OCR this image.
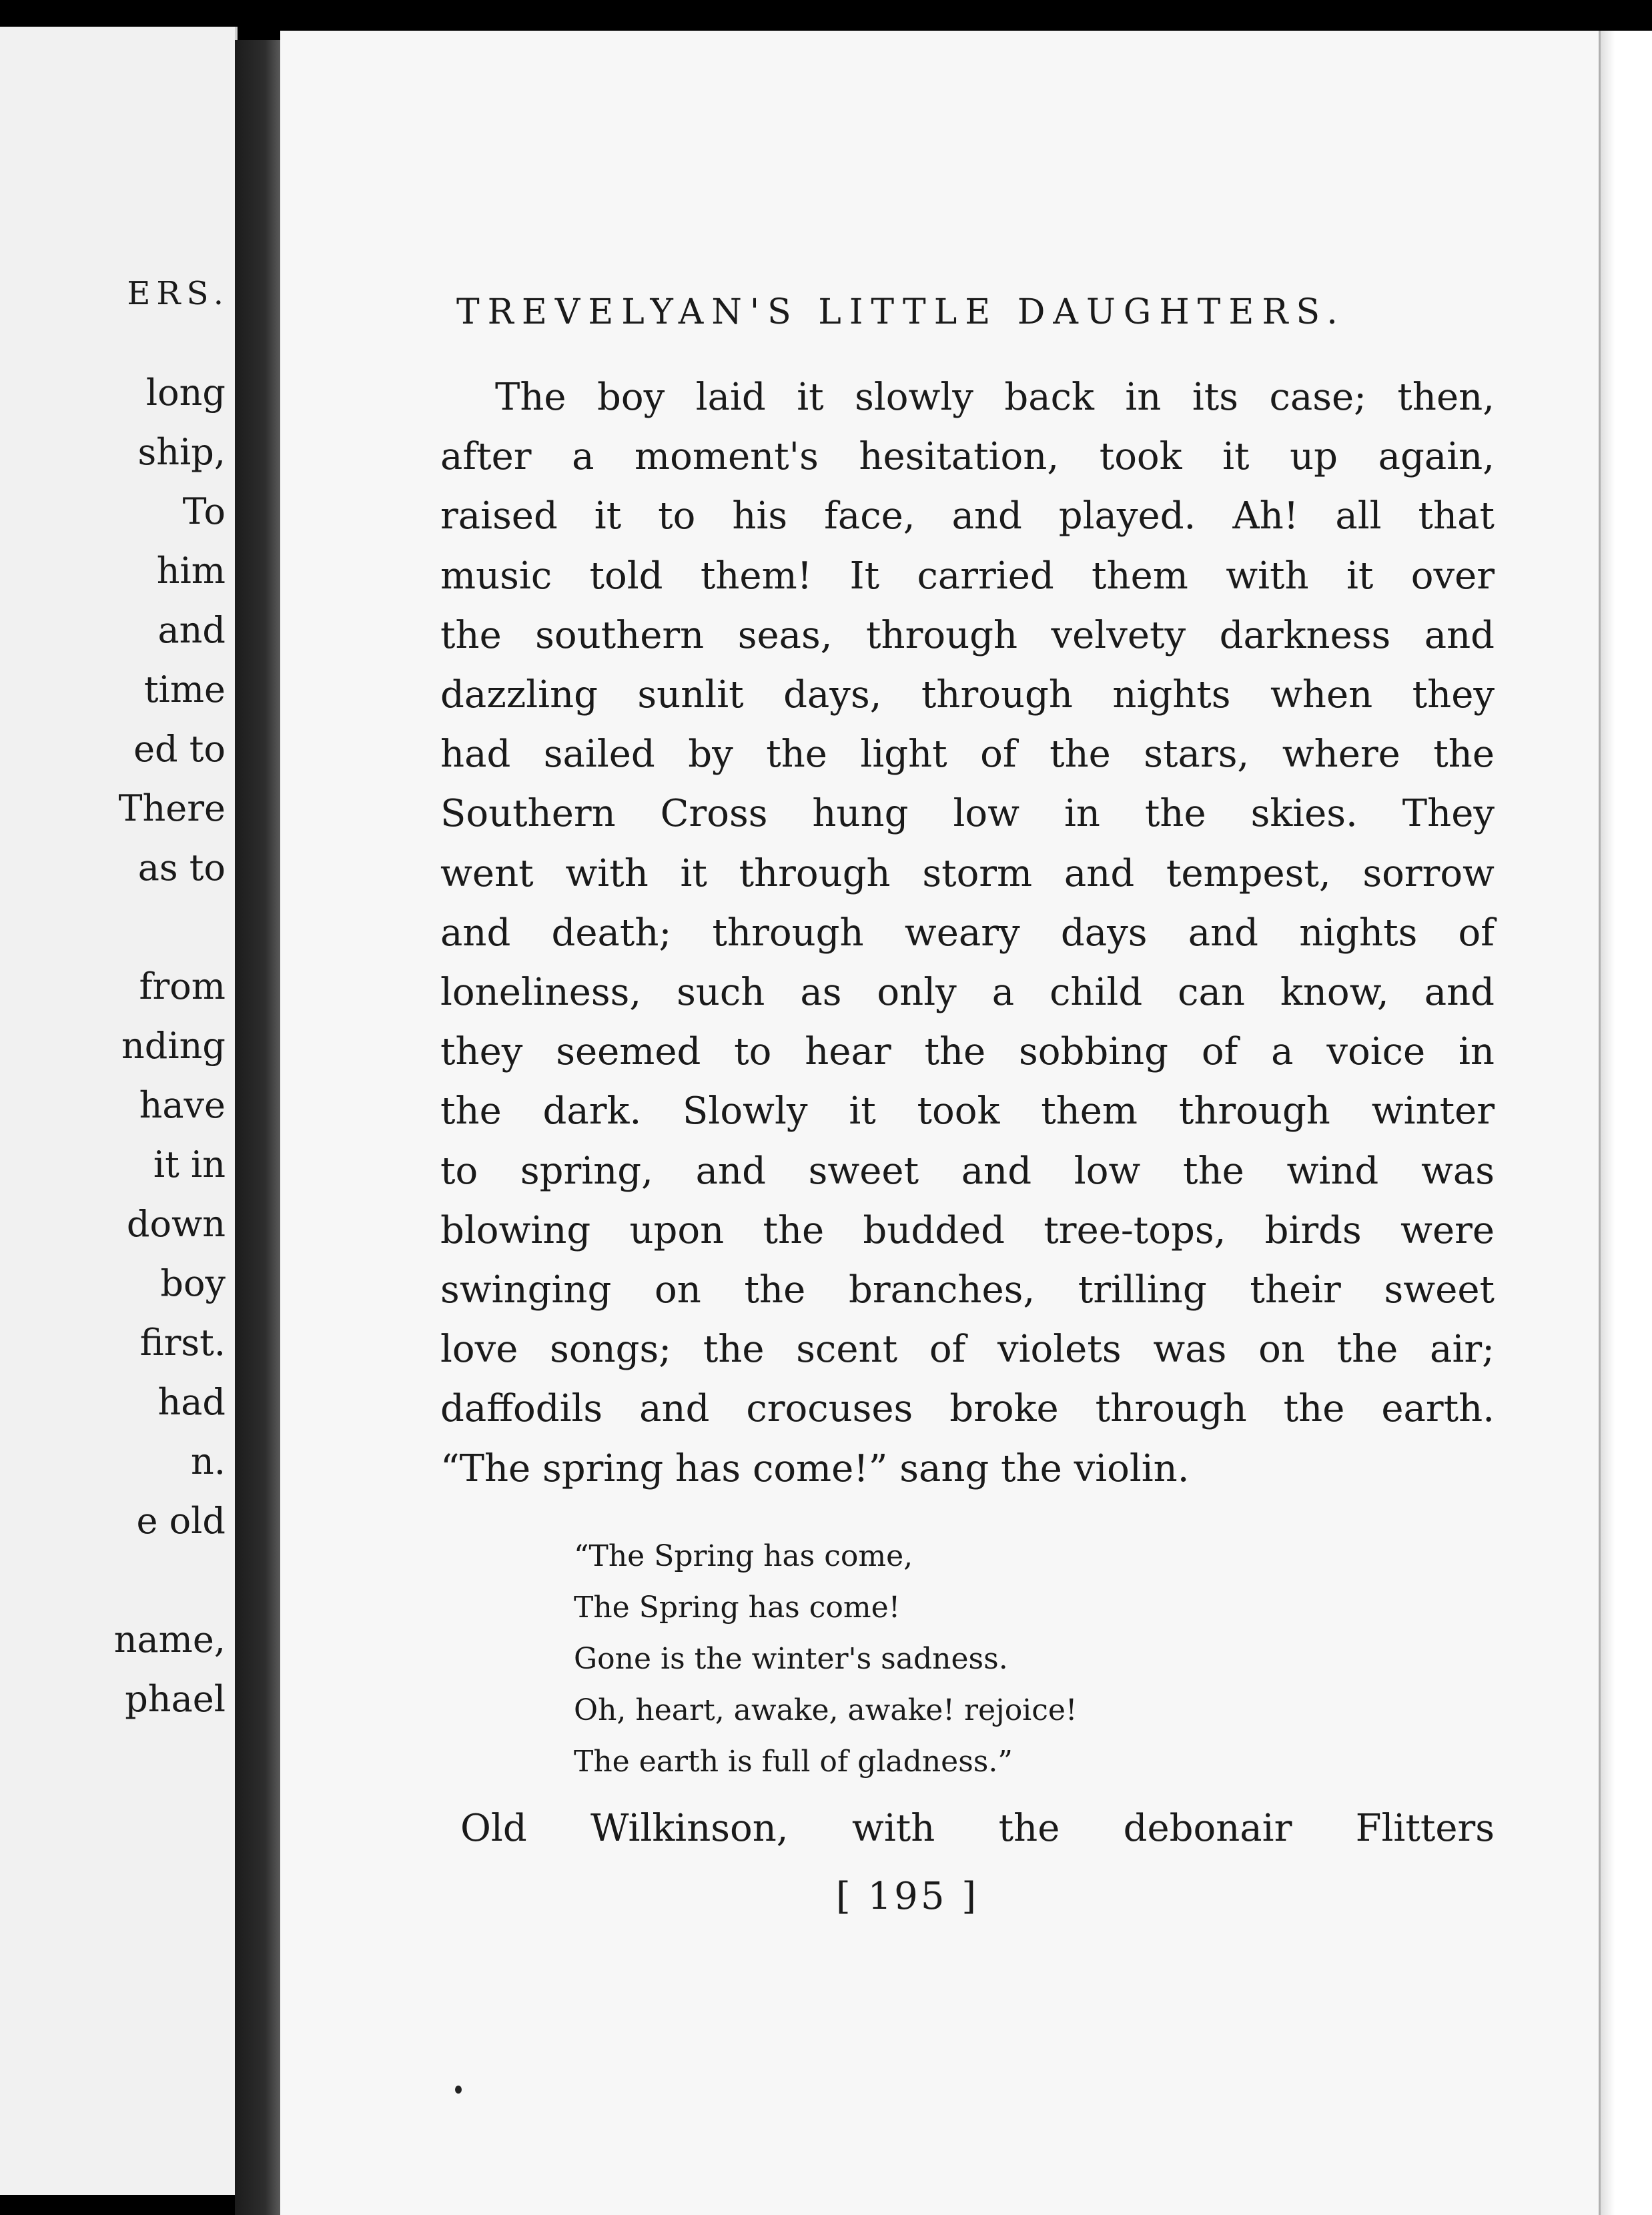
ERS.
long
ship,
To
him
and
time
ed to
There
as to
from
nding
have
it in
down
boy
first.
had
n.
e old
name,
phael
TREVELYAN'S LITTLE DAUGHTERS.
The boy laid it slowly back in its case; then,
after a moment's hesitation, took it up again,
raised it to his face, and played. Ah! all that
music told them! It carried them with it over
the southern seas, through velvety darkness and
dazzling sunlit days, through nights when they
had sailed by the light of the stars, where the
Southern Cross hung low in the skies. They
went with it through storm and tempest, sorrow
and death; through weary days and nights of
loneliness, such as only a child can know, and
they seemed to hear the sobbing of a voice in
the dark. Slowly it took them through winter
to spring, and sweet and low the wind was
blowing upon the budded tree-tops, birds were
swinging on the branches, trilling their sweet
love songs; the scent of violets was on the air;
daffodils and crocuses broke through the earth.
“The spring has come!” sang the violin.
“The Spring has come,
The Spring has come!
Gone is the winter's sadness.
Oh, heart, awake, awake! rejoice!
The earth is full of gladness.”
Old Wilkinson, with the debonair Flitters
[ 195 ]
